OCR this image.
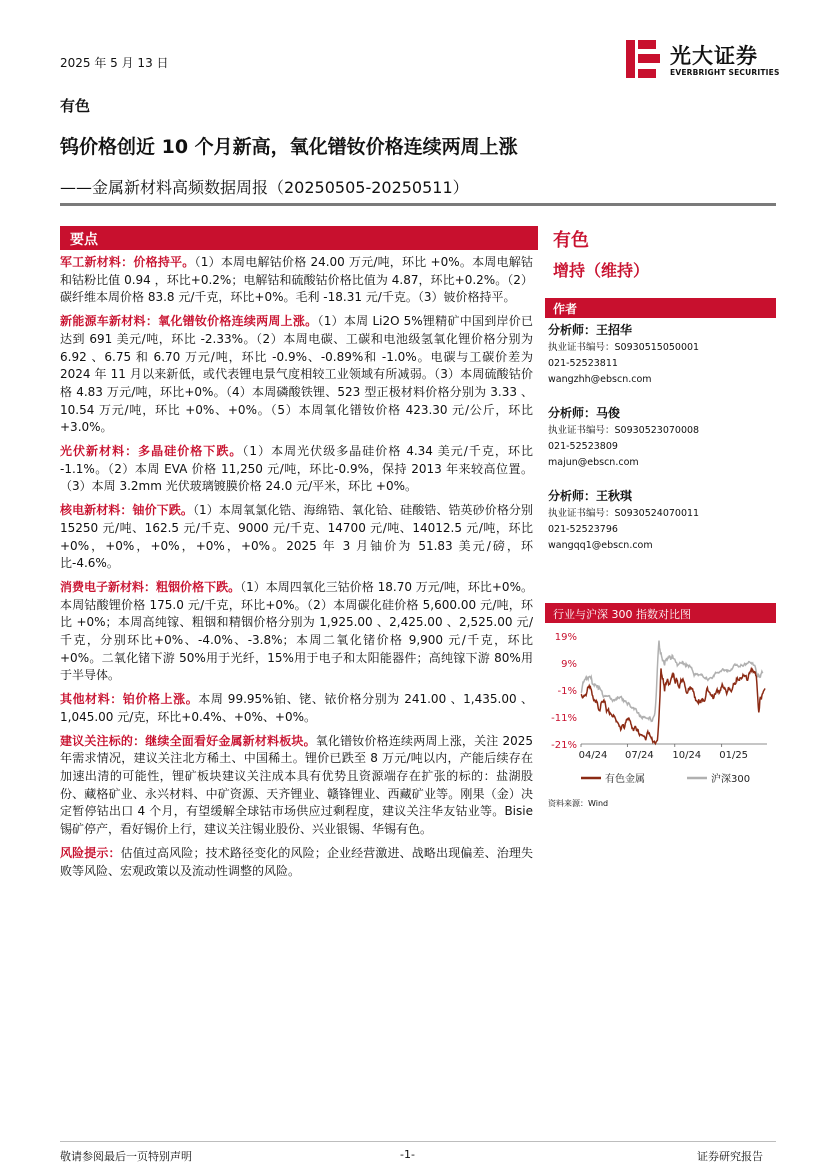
2025 年 5 月 13 日	光大证券
EVERBRIGHT SECURITIES
有色
钨价格创近 10 个月新高，氧化镨钕价格连续两周上涨
——金属新材料高频数据周报（20250505-20250511）
要点

军工新材料：价格持平。（1）本周电解钴价格 24.00 万元/吨，环比 +0%。本周电解钴和钴粉比值 0.94 ，环比+0.2%；电解钴和硫酸钴价格比值为 4.87，环比+0.2%。（2）碳纤维本周价格 83.8 元/千克，环比+0%。毛利 -18.31 元/千克。（3）铍价格持平。

新能源车新材料：氧化镨钕价格连续两周上涨。（1）本周 Li2O 5%锂精矿中国到岸价已达到 691 美元/吨，环比 -2.33%。（2）本周电碳、工碳和电池级氢氧化锂价格分别为 6.92 、6.75 和 6.70 万元/吨，环比 -0.9%、-0.89%和 -1.0%。电碳与工碳价差为 2024 年 11 月以来新低，或代表锂电景气度相较工业领域有所减弱。（3）本周硫酸钴价格 4.83 万元/吨，环比+0%。（4）本周磷酸铁锂、523 型正极材料价格分别为 3.33 、10.54 万元/吨，环比 +0%、+0%。（5）本周氧化镨钕价格 423.30 元/公斤，环比+3.0%。

光伏新材料：多晶硅价格下跌。（1）本周光伏级多晶硅价格 4.34 美元/千克，环比 -1.1%。（2）本周 EVA 价格 11,250 元/吨，环比-0.9%，保持 2013 年来较高位置。（3）本周 3.2mm 光伏玻璃镀膜价格 24.0 元/平米，环比 +0%。

核电新材料：铀价下跌。（1）本周氧氯化锆、海绵锆、氧化铪、硅酸锆、锆英砂价格分别 15250 元/吨、162.5 元/千克、9000 元/千克、14700 元/吨、14012.5 元/吨，环比+0%，+0%，+0%，+0%，+0%。2025 年 3 月铀价为 51.83 美元/磅，环比-4.6%。

消费电子新材料：粗铟价格下跌。（1）本周四氧化三钴价格 18.70 万元/吨，环比+0%。本周钴酸锂价格 175.0 元/千克，环比+0%。（2）本周碳化硅价格 5,600.00 元/吨，环比 +0%；本周高纯镓、粗铟和精铟价格分别为 1,925.00 、2,425.00 、2,525.00 元/千克，分别环比+0%、-4.0%、-3.8%；本周二氧化锗价格 9,900 元/千克，环比+0%。二氧化锗下游 50%用于光纤，15%用于电子和太阳能器件；高纯镓下游 80%用于半导体。

其他材料：铂价格上涨。本周 99.95%铂、铑、铱价格分别为 241.00 、1,435.00 、1,045.00 元/克，环比+0.4%、+0%、+0%。

建议关注标的：继续全面看好金属新材料板块。氧化镨钕价格连续两周上涨，关注 2025 年需求情况，建议关注北方稀土、中国稀土。锂价已跌至 8 万元/吨以内，产能后续存在加速出清的可能性，锂矿板块建议关注成本具有优势且资源端存在扩张的标的：盐湖股份、藏格矿业、永兴材料、中矿资源、天齐锂业、赣锋锂业、西藏矿业等。刚果（金）决定暂停钴出口 4 个月，有望缓解全球钴市场供应过剩程度，建议关注华友钴业等。Bisie 锡矿停产，看好锡价上行，建议关注锡业股份、兴业银锡、华锡有色。

风险提示：估值过高风险；技术路径变化的风险；企业经营激进、战略出现偏差、治理失败等风险、宏观政策以及流动性调整的风险。

有色
增持（维持）
作者
分析师：王招华
执业证书编号：S0930515050001
021-52523811
wangzhh@ebscn.com
分析师：马俊
执业证书编号：S0930523070008
021-52523809
majun@ebscn.com
分析师：王秋琪
执业证书编号：S0930524070011
021-52523796
wangqq1@ebscn.com
行业与沪深 300 指数对比图
19%
9%
-1%
-11%
-21%
04/24 07/24 10/24 01/25
有色金属	沪深300
资料来源：Wind
敬请参阅最后一页特别声明	-1-	证券研究报告
